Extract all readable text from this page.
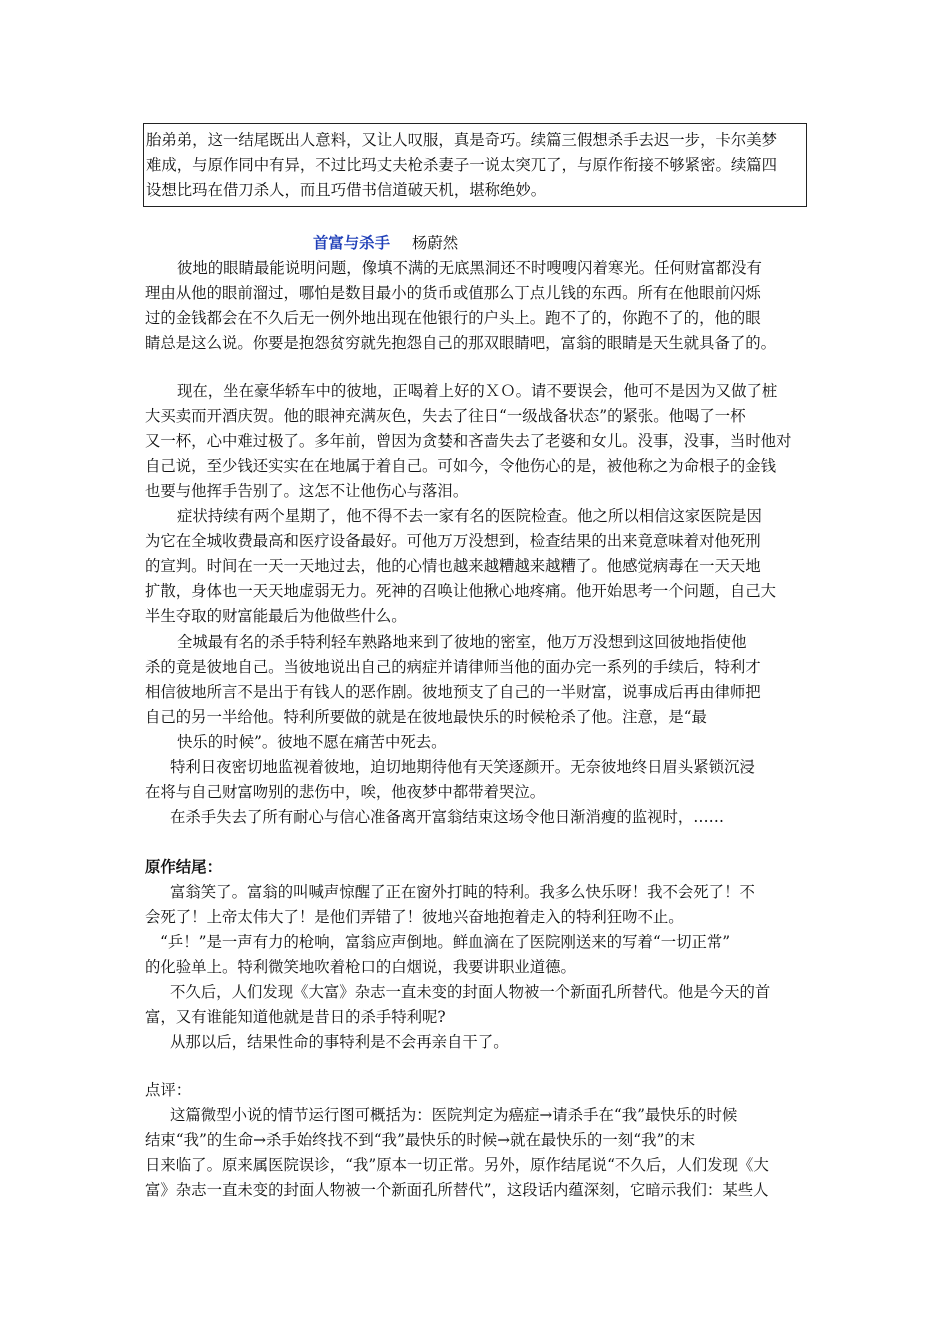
胎弟弟，这一结尾既出人意料，又让人叹服，真是奇巧。续篇三假想杀手去迟一步，卡尔美梦
难成，与原作同中有异，不过比玛丈夫枪杀妻子一说太突兀了，与原作衔接不够紧密。续篇四
设想比玛在借刀杀人，而且巧借书信道破天机，堪称绝妙。
首富与杀手 杨蔚然
彼地的眼睛最能说明问题，像填不满的无底黑洞还不时嗖嗖闪着寒光。任何财富都没有
理由从他的眼前溜过，哪怕是数目最小的货币或值那么丁点儿钱的东西。所有在他眼前闪烁
过的金钱都会在不久后无一例外地出现在他银行的户头上。跑不了的，你跑不了的，他的眼
睛总是这么说。你要是抱怨贫穷就先抱怨自己的那双眼睛吧，富翁的眼睛是天生就具备了的。
现在，坐在豪华轿车中的彼地，正喝着上好的ＸＯ。请不要误会，他可不是因为又做了桩
大买卖而开酒庆贺。他的眼神充满灰色，失去了往日“一级战备状态”的紧张。他喝了一杯
又一杯，心中难过极了。多年前，曾因为贪婪和吝啬失去了老婆和女儿。没事，没事，当时他对
自己说，至少钱还实实在在地属于着自己。可如今，令他伤心的是，被他称之为命根子的金钱
也要与他挥手告别了。这怎不让他伤心与落泪。
症状持续有两个星期了，他不得不去一家有名的医院检查。他之所以相信这家医院是因
为它在全城收费最高和医疗设备最好。可他万万没想到，检查结果的出来竟意味着对他死刑
的宣判。时间在一天一天地过去，他的心情也越来越糟越来越糟了。他感觉病毒在一天天地
扩散，身体也一天天地虚弱无力。死神的召唤让他揪心地疼痛。他开始思考一个问题，自己大
半生夺取的财富能最后为他做些什么。
全城最有名的杀手特利轻车熟路地来到了彼地的密室，他万万没想到这回彼地指使他
杀的竟是彼地自己。当彼地说出自己的病症并请律师当他的面办完一系列的手续后，特利才
相信彼地所言不是出于有钱人的恶作剧。彼地预支了自己的一半财富，说事成后再由律师把
自己的另一半给他。特利所要做的就是在彼地最快乐的时候枪杀了他。注意，是“最
快乐的时候”。彼地不愿在痛苦中死去。
特利日夜密切地监视着彼地，迫切地期待他有天笑逐颜开。无奈彼地终日眉头紧锁沉浸
在将与自己财富吻别的悲伤中，唉，他夜梦中都带着哭泣。
在杀手失去了所有耐心与信心准备离开富翁结束这场令他日渐消瘦的监视时，……
原作结尾：
富翁笑了。富翁的叫喊声惊醒了正在窗外打盹的特利。我多么快乐呀！我不会死了！不
会死了！上帝太伟大了！是他们弄错了！彼地兴奋地抱着走入的特利狂吻不止。
“乒！”是一声有力的枪响，富翁应声倒地。鲜血滴在了医院刚送来的写着“一切正常”
的化验单上。特利微笑地吹着枪口的白烟说，我要讲职业道德。
不久后，人们发现《大富》杂志一直未变的封面人物被一个新面孔所替代。他是今天的首
富，又有谁能知道他就是昔日的杀手特利呢?
从那以后，结果性命的事特利是不会再亲自干了。
点评：
这篇微型小说的情节运行图可概括为：医院判定为癌症→请杀手在“我”最快乐的时候
结束“我”的生命→杀手始终找不到“我”最快乐的时候→就在最快乐的一刻“我”的末
日来临了。原来属医院误诊，“我”原本一切正常。另外，原作结尾说“不久后，人们发现《大
富》杂志一直未变的封面人物被一个新面孔所替代”，这段话内蕴深刻，它暗示我们：某些人
